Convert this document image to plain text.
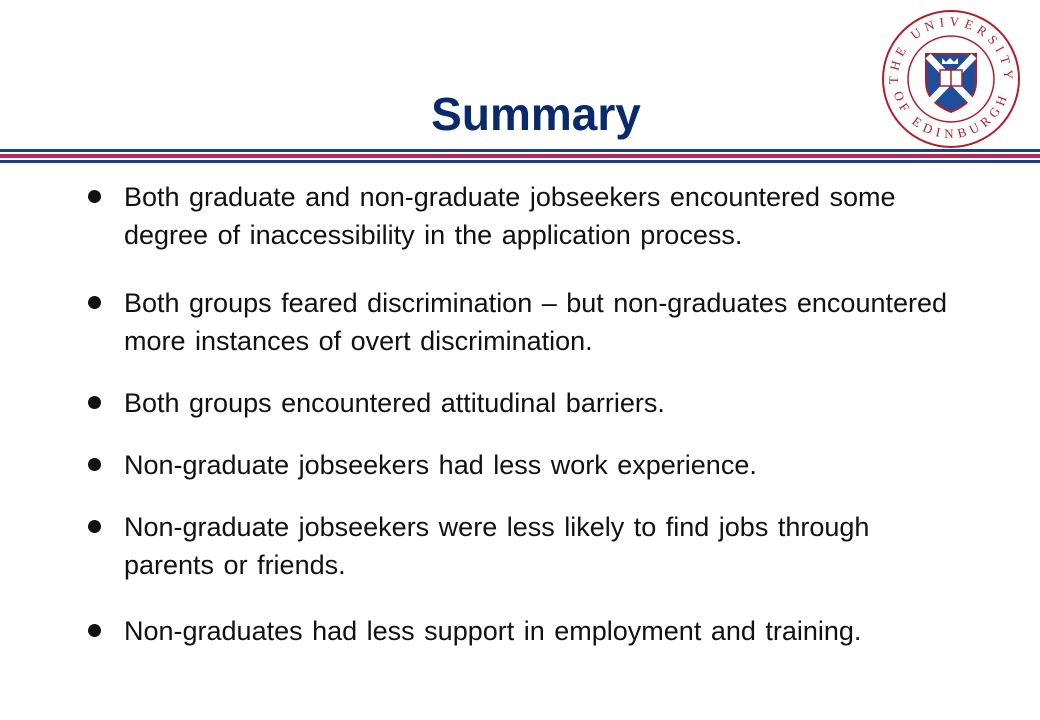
Summary
THE UNIVERSITY
OF EDINBURGH
Both graduate and non-graduate jobseekers encountered some degree of inaccessibility in the application process.
Both groups feared discrimination – but non-graduates encountered more instances of overt discrimination.
Both groups encountered attitudinal barriers.
Non-graduate jobseekers had less work experience.
Non-graduate jobseekers were less likely to find jobs through parents or friends.
Non-graduates had less support in employment and training.
